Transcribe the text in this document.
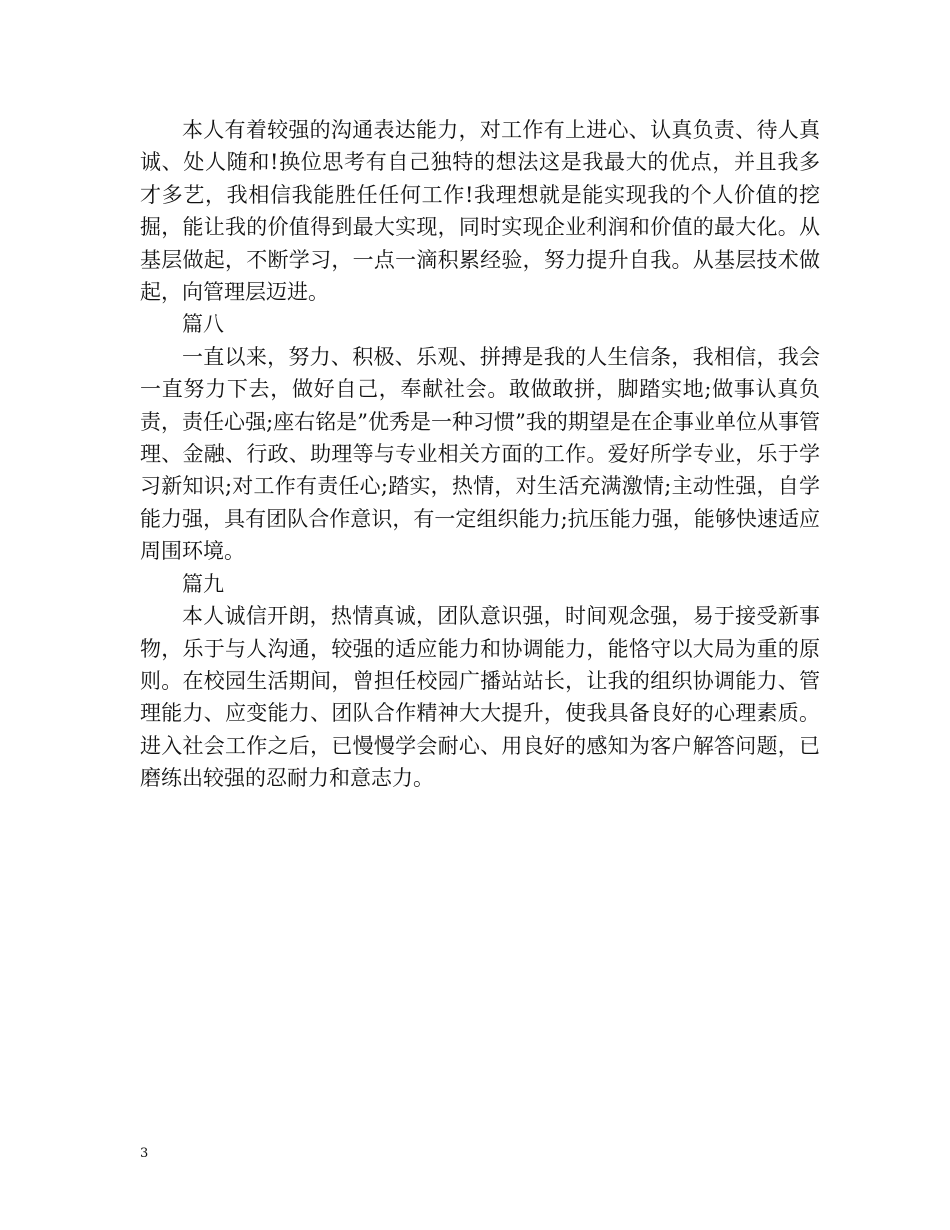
本人有着较强的沟通表达能力，对工作有上进心、认真负责、待人真诚、处人随和!换位思考有自己独特的想法这是我最大的优点，并且我多才多艺，我相信我能胜任任何工作!我理想就是能实现我的个人价值的挖掘，能让我的价值得到最大实现，同时实现企业利润和价值的最大化。从基层做起，不断学习，一点一滴积累经验，努力提升自我。从基层技术做起，向管理层迈进。

篇八

一直以来，努力、积极、乐观、拼搏是我的人生信条，我相信，我会一直努力下去，做好自己，奉献社会。敢做敢拼，脚踏实地;做事认真负责，责任心强;座右铭是”优秀是一种习惯”我的期望是在企事业单位从事管理、金融、行政、助理等与专业相关方面的工作。爱好所学专业，乐于学习新知识;对工作有责任心;踏实，热情，对生活充满激情;主动性强，自学能力强，具有团队合作意识，有一定组织能力;抗压能力强，能够快速适应周围环境。

篇九

本人诚信开朗，热情真诚，团队意识强，时间观念强，易于接受新事物，乐于与人沟通，较强的适应能力和协调能力，能恪守以大局为重的原则。在校园生活期间，曾担任校园广播站站长，让我的组织协调能力、管理能力、应变能力、团队合作精神大大提升，使我具备良好的心理素质。进入社会工作之后，已慢慢学会耐心、用良好的感知为客户解答问题，已磨练出较强的忍耐力和意志力。

3
